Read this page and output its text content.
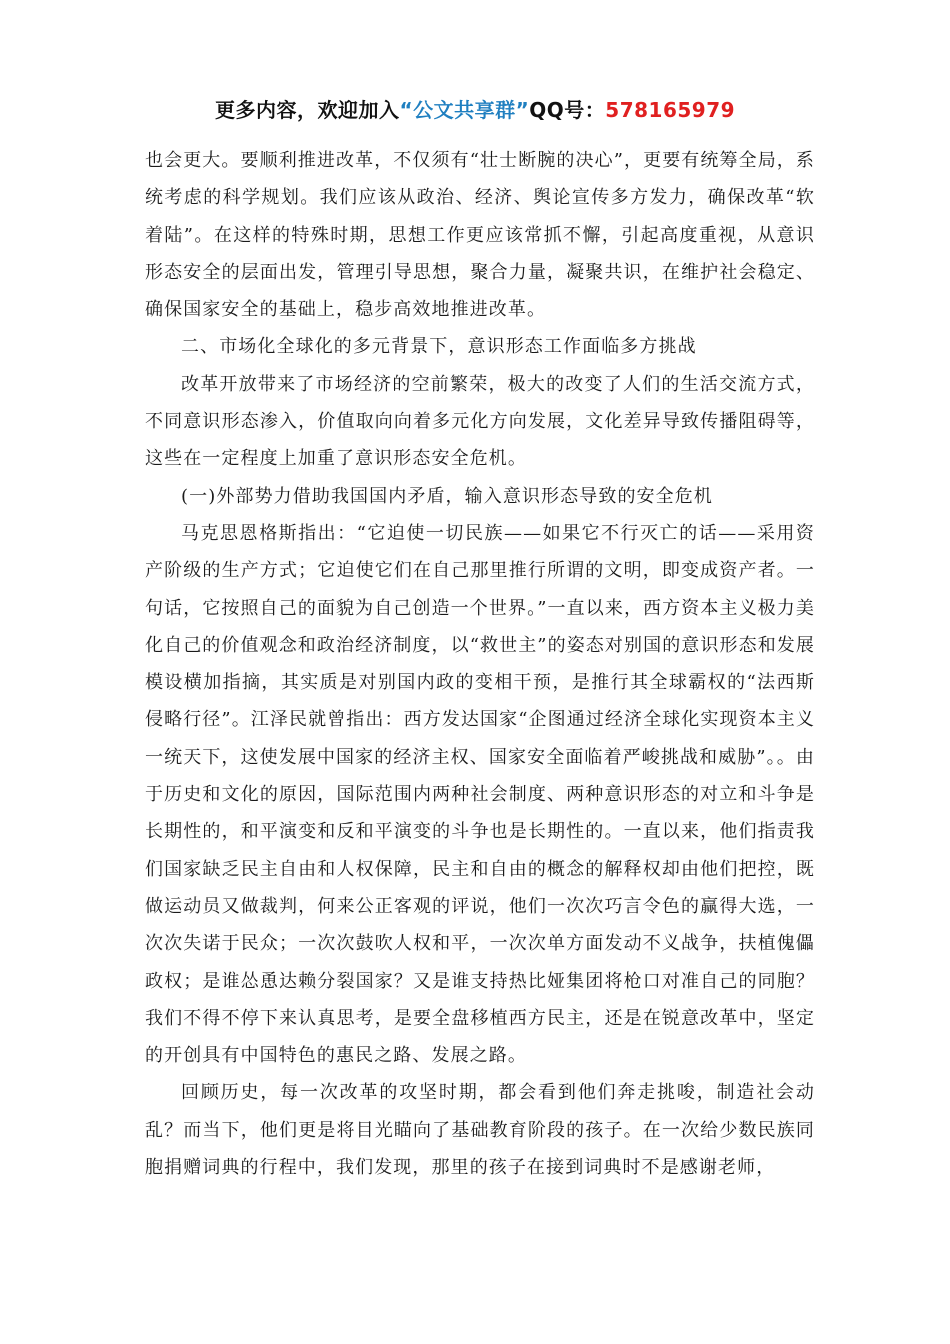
更多内容，欢迎加入“公文共享群”QQ号：578165979

也会更大。要顺利推进改革，不仅须有“壮士断腕的决心”，更要有统筹全局，系统考虑的科学规划。我们应该从政治、经济、舆论宣传多方发力，确保改革“软着陆”。在这样的特殊时期，思想工作更应该常抓不懈，引起高度重视，从意识形态安全的层面出发，管理引导思想，聚合力量，凝聚共识，在维护社会稳定、确保国家安全的基础上，稳步高效地推进改革。

二、市场化全球化的多元背景下，意识形态工作面临多方挑战

改革开放带来了市场经济的空前繁荣，极大的改变了人们的生活交流方式，不同意识形态渗入，价值取向向着多元化方向发展，文化差异导致传播阻碍等，这些在一定程度上加重了意识形态安全危机。

(一)外部势力借助我国国内矛盾，输入意识形态导致的安全危机

马克思恩格斯指出：“它迫使一切民族——如果它不行灭亡的话——采用资产阶级的生产方式；它迫使它们在自己那里推行所谓的文明，即变成资产者。一句话，它按照自己的面貌为自己创造一个世界。”一直以来，西方资本主义极力美化自己的价值观念和政治经济制度，以“救世主”的姿态对别国的意识形态和发展模设横加指摘，其实质是对别国内政的变相干预，是推行其全球霸权的“法西斯侵略行径”。江泽民就曾指出：西方发达国家“企图通过经济全球化实现资本主义一统天下，这使发展中国家的经济主权、国家安全面临着严峻挑战和威胁”。。由于历史和文化的原因，国际范围内两种社会制度、两种意识形态的对立和斗争是长期性的，和平演变和反和平演变的斗争也是长期性的。一直以来，他们指责我们国家缺乏民主自由和人权保障，民主和自由的概念的解释权却由他们把控，既做运动员又做裁判，何来公正客观的评说，他们一次次巧言令色的赢得大选，一次次失诺于民众；一次次鼓吹人权和平，一次次单方面发动不义战争，扶植傀儡政权；是谁怂恿达赖分裂国家？又是谁支持热比娅集团将枪口对准自己的同胞？我们不得不停下来认真思考，是要全盘移植西方民主，还是在锐意改革中，坚定的开创具有中国特色的惠民之路、发展之路。

回顾历史，每一次改革的攻坚时期，都会看到他们奔走挑唆，制造社会动乱？而当下，他们更是将目光瞄向了基础教育阶段的孩子。在一次给少数民族同胞捐赠词典的行程中，我们发现，那里的孩子在接到词典时不是感谢老师，
